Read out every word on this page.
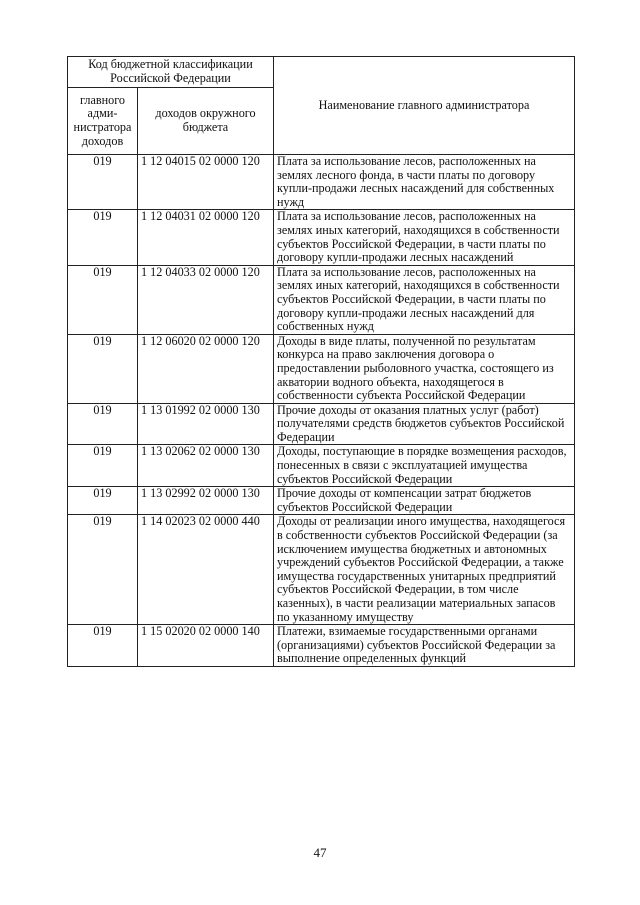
Код бюджетной классификации Российской Федерации		Наименование главного администратора
главного адми-нистратора доходов	доходов окружного бюджета	
019	1 12 04015 02 0000 120	Плата за использование лесов, расположенных на землях лесного фонда, в части платы по договору купли-продажи лесных насаждений для собственных нужд
019	1 12 04031 02 0000 120	Плата за использование лесов, расположенных на землях иных категорий, находящихся в собственности субъектов Российской Федерации, в части платы по договору купли-продажи лесных насаждений
019	1 12 04033 02 0000 120	Плата за использование лесов, расположенных на землях иных категорий, находящихся в собственности субъектов Российской Федерации, в части платы по договору купли-продажи лесных насаждений для собственных нужд
019	1 12 06020 02 0000 120	Доходы в виде платы, полученной по результатам конкурса на право заключения договора о предоставлении рыболовного участка, состоящего из акватории водного объекта, находящегося в собственности субъекта Российской Федерации
019	1 13 01992 02 0000 130	Прочие доходы от оказания платных услуг (работ) получателями средств бюджетов субъектов Российской Федерации
019	1 13 02062 02 0000 130	Доходы, поступающие в порядке возмещения расходов, понесенных в связи с эксплуатацией имущества субъектов Российской Федерации
019	1 13 02992 02 0000 130	Прочие доходы от компенсации затрат бюджетов субъектов Российской Федерации
019	1 14 02023 02 0000 440	Доходы от реализации иного имущества, находящегося в собственности субъектов Российской Федерации (за исключением имущества бюджетных и автономных учреждений субъектов Российской Федерации, а также имущества государственных унитарных предприятий субъектов Российской Федерации, в том числе казенных), в части реализации материальных запасов по указанному имуществу
019	1 15 02020 02 0000 140	Платежи, взимаемые государственными органами (организациями) субъектов Российской Федерации за выполнение определенных функций
47
